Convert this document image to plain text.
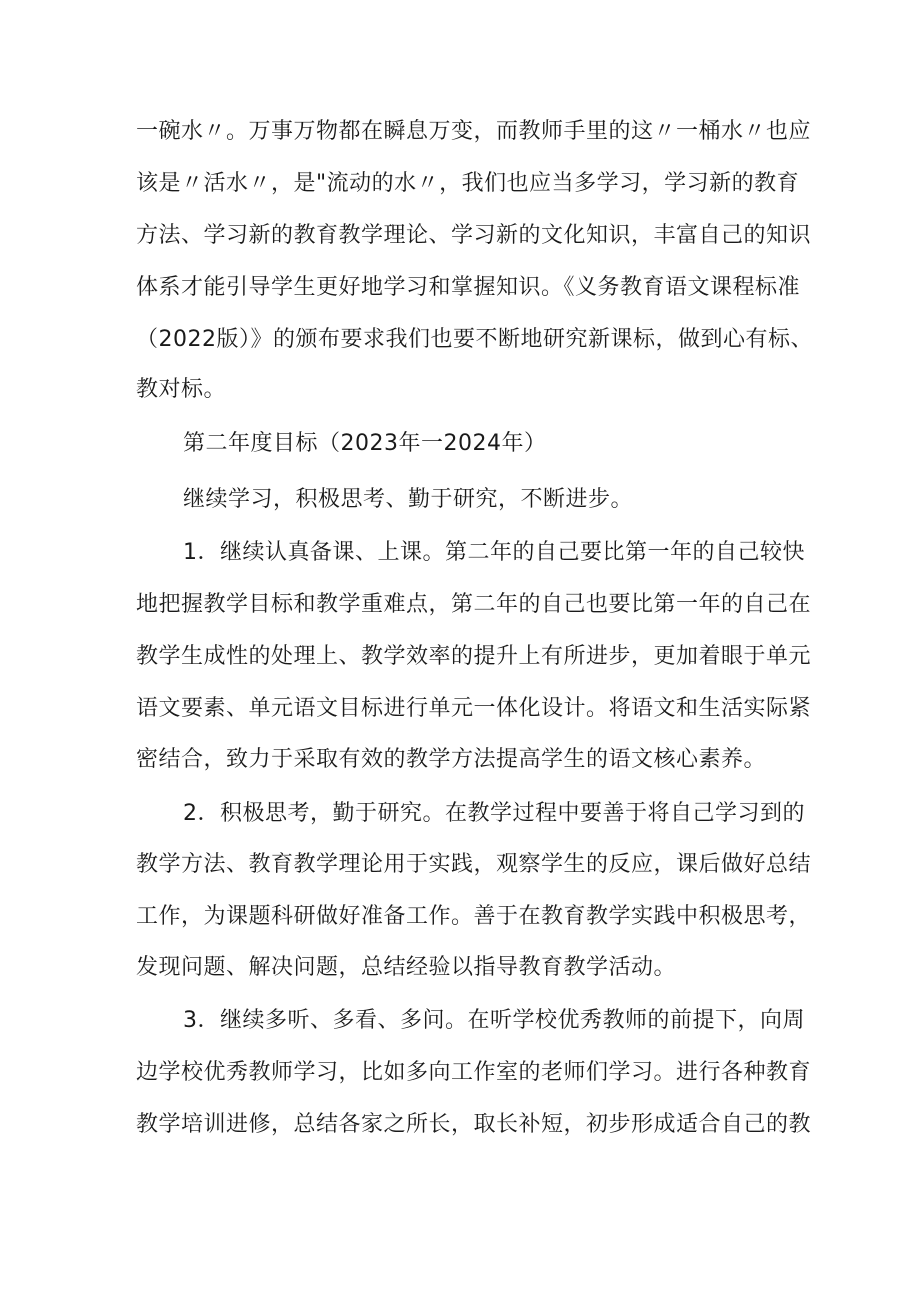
一碗水〃。万事万物都在瞬息万变，而教师手里的这〃一桶水〃也应
该是〃活水〃，是"流动的水〃，我们也应当多学习，学习新的教育
方法、学习新的教育教学理论、学习新的文化知识，丰富自己的知识
体系才能引导学生更好地学习和掌握知识。《义务教育语文课程标准
（2022版）》的颁布要求我们也要不断地研究新课标，做到心有标、
教对标。
第二年度目标（2023年一2024年）
继续学习，积极思考、勤于研究，不断进步。
1．继续认真备课、上课。第二年的自己要比第一年的自己较快
地把握教学目标和教学重难点，第二年的自己也要比第一年的自己在
教学生成性的处理上、教学效率的提升上有所进步，更加着眼于单元
语文要素、单元语文目标进行单元一体化设计。将语文和生活实际紧
密结合，致力于采取有效的教学方法提高学生的语文核心素养。
2．积极思考，勤于研究。在教学过程中要善于将自己学习到的
教学方法、教育教学理论用于实践，观察学生的反应，课后做好总结
工作，为课题科研做好准备工作。善于在教育教学实践中积极思考，
发现问题、解决问题，总结经验以指导教育教学活动。
3．继续多听、多看、多问。在听学校优秀教师的前提下，向周
边学校优秀教师学习，比如多向工作室的老师们学习。进行各种教育
教学培训进修，总结各家之所长，取长补短，初步形成适合自己的教
